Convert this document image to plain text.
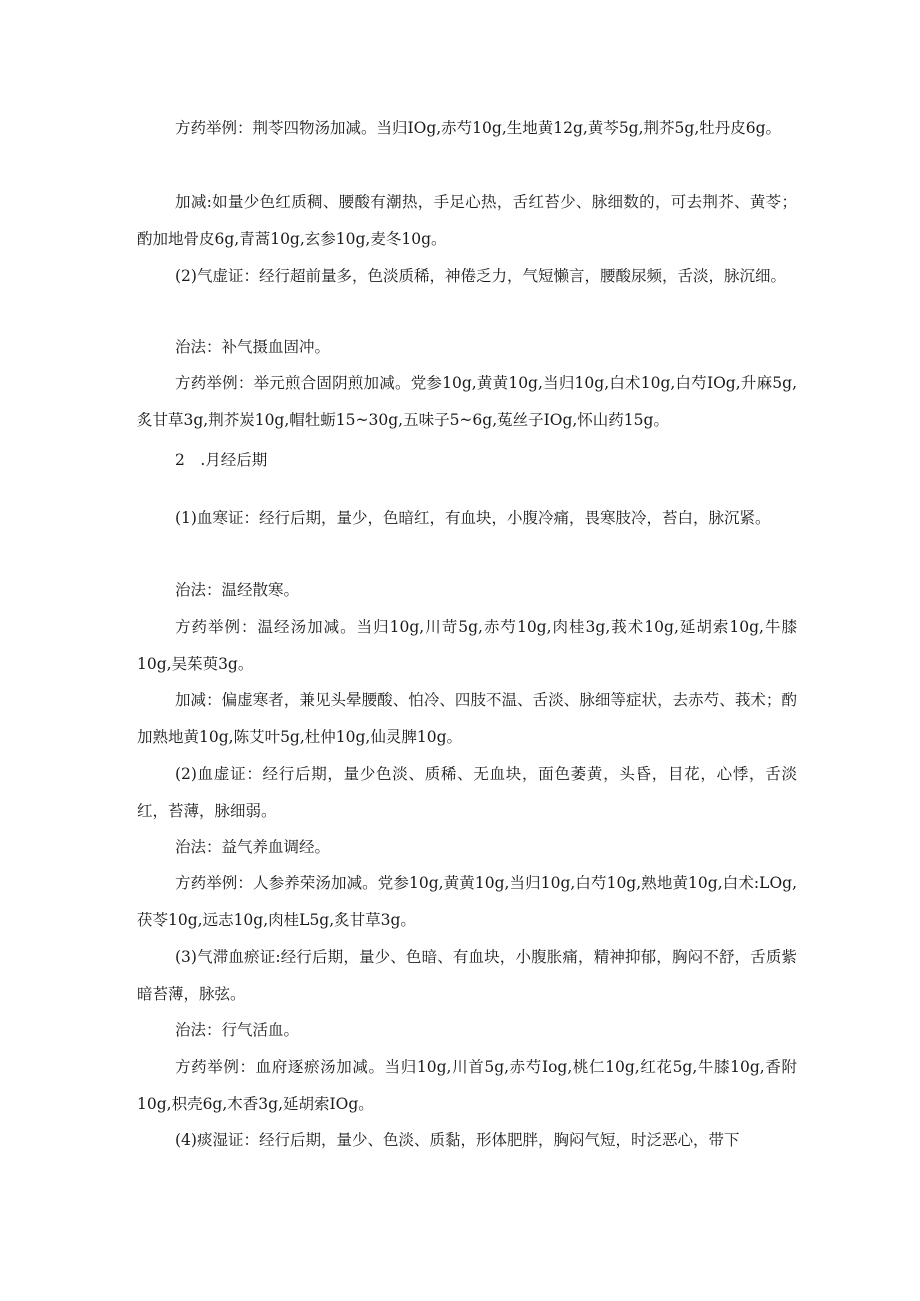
方药举例：荆苓四物汤加减。当归IOg,赤芍10g,生地黄12g,黄芩5g,荆芥5g,牡丹皮6g。

加减:如量少色红质稠、腰酸有潮热，手足心热，舌红苔少、脉细数的，可去荆芥、黄苓；酌加地骨皮6g,青蒿10g,玄参10g,麦冬10g。

(2)气虚证：经行超前量多，色淡质稀，神倦乏力，气短懒言，腰酸尿频，舌淡，脉沉细。

治法：补气摄血固冲。

方药举例：举元煎合固阴煎加减。党参10g,黄黄10g,当归10g,白术10g,白芍IOg,升麻5g,炙甘草3g,荆芥炭10g,帽牡蛎15~30g,五味子5~6g,菟丝子IOg,怀山药15g。

2　.月经后期

(1)血寒证：经行后期，量少，色暗红，有血块，小腹冷痛，畏寒肢冷，苔白，脉沉紧。

治法：温经散寒。

方药举例：温经汤加减。当归10g,川苛5g,赤芍10g,肉桂3g,莪术10g,延胡索10g,牛膝10g,吴茱萸3g。

加减：偏虚寒者，兼见头晕腰酸、怕冷、四肢不温、舌淡、脉细等症状，去赤芍、莪术；酌加熟地黄10g,陈艾叶5g,杜仲10g,仙灵脾10g。

(2)血虚证：经行后期，量少色淡、质稀、无血块，面色萎黄，头昏，目花，心悸，舌淡红，苔薄，脉细弱。

治法：益气养血调经。

方药举例：人参养荣汤加减。党参10g,黄黄10g,当归10g,白芍10g,熟地黄10g,白术:LOg,茯苓10g,远志10g,肉桂L5g,炙甘草3g。

(3)气滞血瘀证:经行后期，量少、色暗、有血块，小腹胀痛，精神抑郁，胸闷不舒，舌质紫暗苔薄，脉弦。

治法：行气活血。

方药举例：血府逐瘀汤加减。当归10g,川首5g,赤芍Iog,桃仁10g,红花5g,牛膝10g,香附10g,枳壳6g,木香3g,延胡索IOg。

(4)痰湿证：经行后期，量少、色淡、质黏，形体肥胖，胸闷气短，时泛恶心，带下
